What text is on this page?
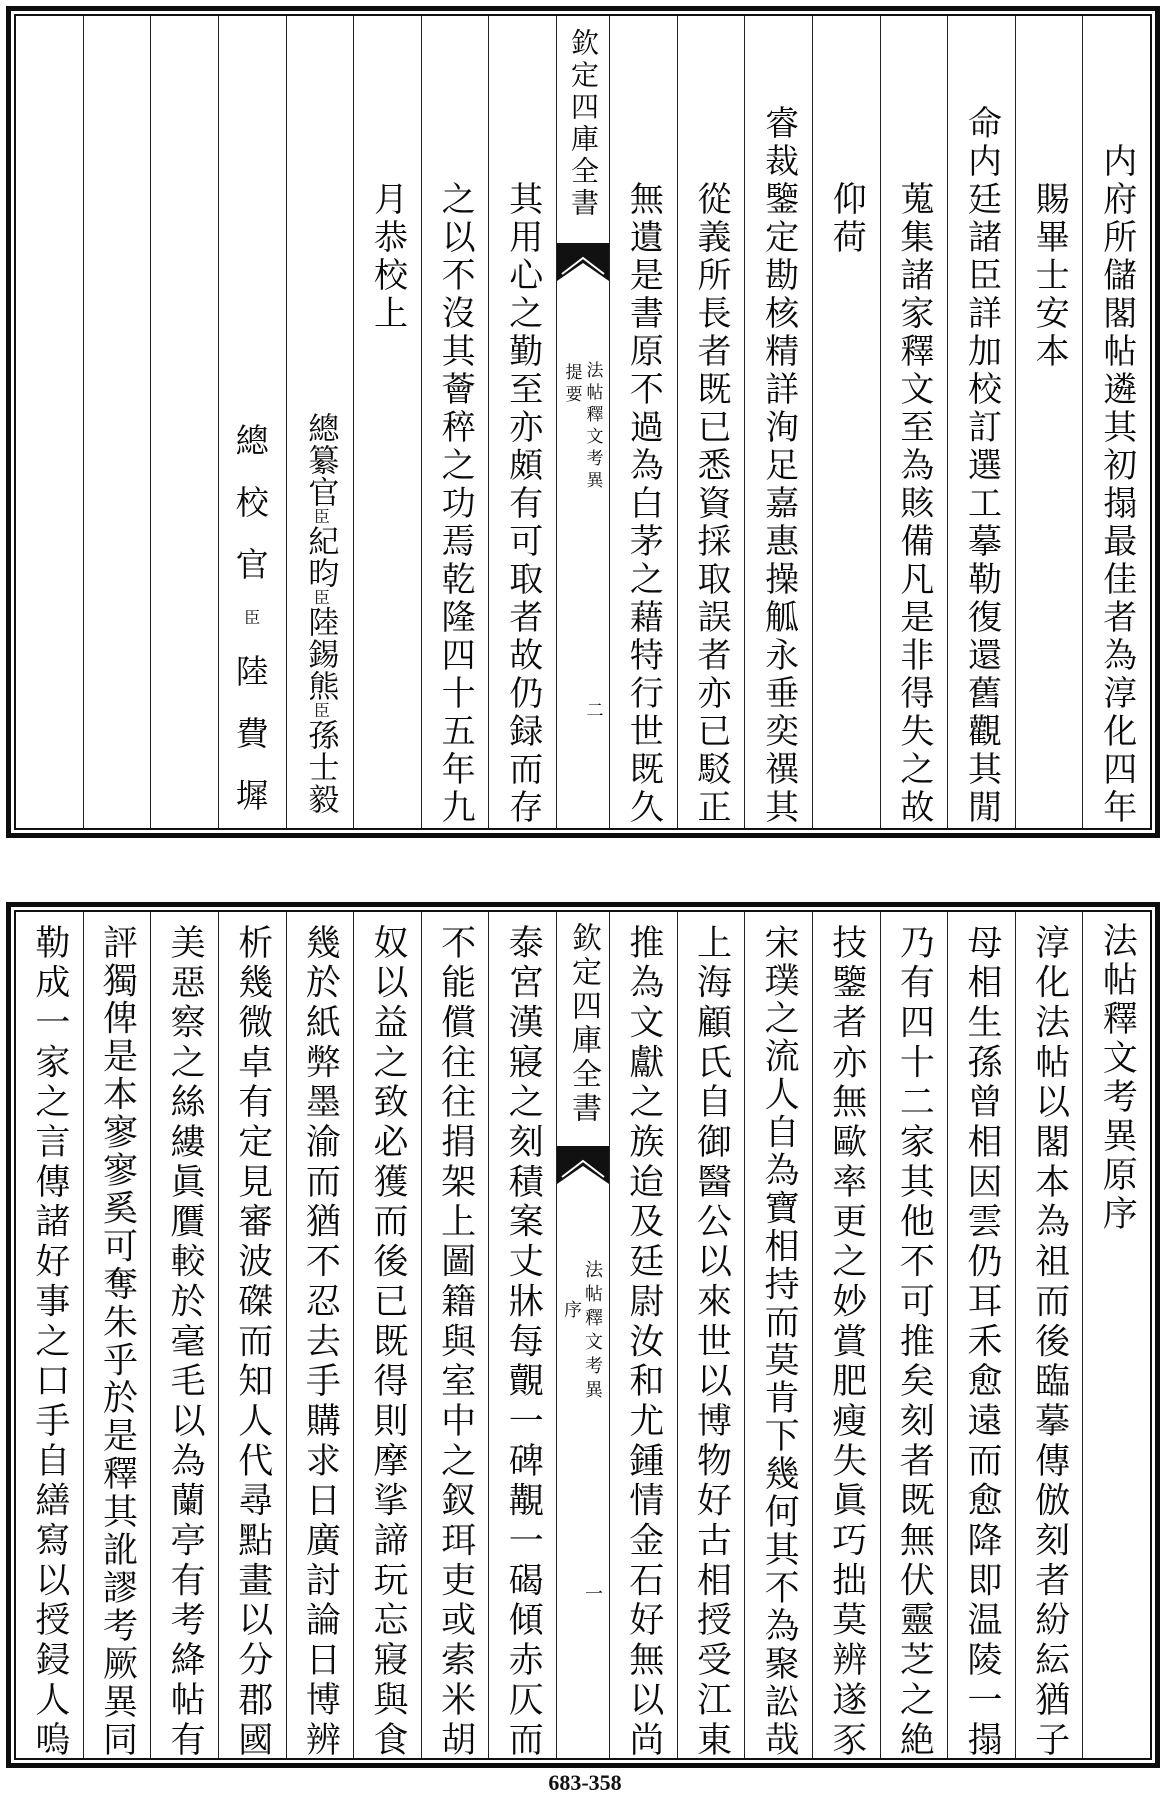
内府所儲閣帖遴其初搨最佳者為淳化四年
賜畢士安本
命内廷諸臣詳加校訂選工摹勒復還舊觀其閒
蒐集諸家釋文至為賅備凡是非得失之故
仰荷
睿裁鑒定勘核精詳洵足嘉惠操觚永垂奕禩其
從義所長者既已悉資採取誤者亦已駁正
無遺是書原不過為白茅之藉特行世既久
欽定四庫全書
法帖釋文考異
提要
二
其用心之勤至亦頗有可取者故仍録而存
之以不沒其薈稡之功焉乾隆四十五年九
月恭校上
總纂官臣紀昀臣陸錫熊臣孫士毅
總
校
官
臣
陸
費
墀
法帖釋文考異原序
淳化法帖以閣本為祖而後臨摹傳倣刻者紛紜猶子
母相生孫曾相因雲仍耳禾愈遠而愈降即温陵一搨
乃有四十二家其他不可推矣刻者既無伏靈芝之絶
技鑒者亦無歐率更之妙賞肥瘦失眞巧拙莫辨遂豕
宋璞之流人自為寶相持而莫肯下幾何其不為聚訟哉
上海顧氏自御醫公以來世以博物好古相授受江東
推為文獻之族迨及廷尉汝和尤鍾情金石好無以尚
欽定四庫全書
法帖釋文考異
序
一
泰宮漢寢之刻積案丈牀每覿一碑覯一碣傾赤仄而
不能償往往捐架上圖籍與室中之釵珥吏或索米胡
奴以益之致必獲而後已既得則摩挲諦玩忘寢與食
幾於紙弊墨渝而猶不忍去手購求日廣討論日博辨
析幾微卓有定見審波磔而知人代尋點畫以分郡國
美惡察之絲縷眞贋較於毫毛以為蘭亭有考絳帖有
評獨俾是本寥寥奚可奪朱乎於是釋其訛謬考厥異同
勒成一家之言傳諸好事之口手自繕寫以授鋟人嗚
683-358
